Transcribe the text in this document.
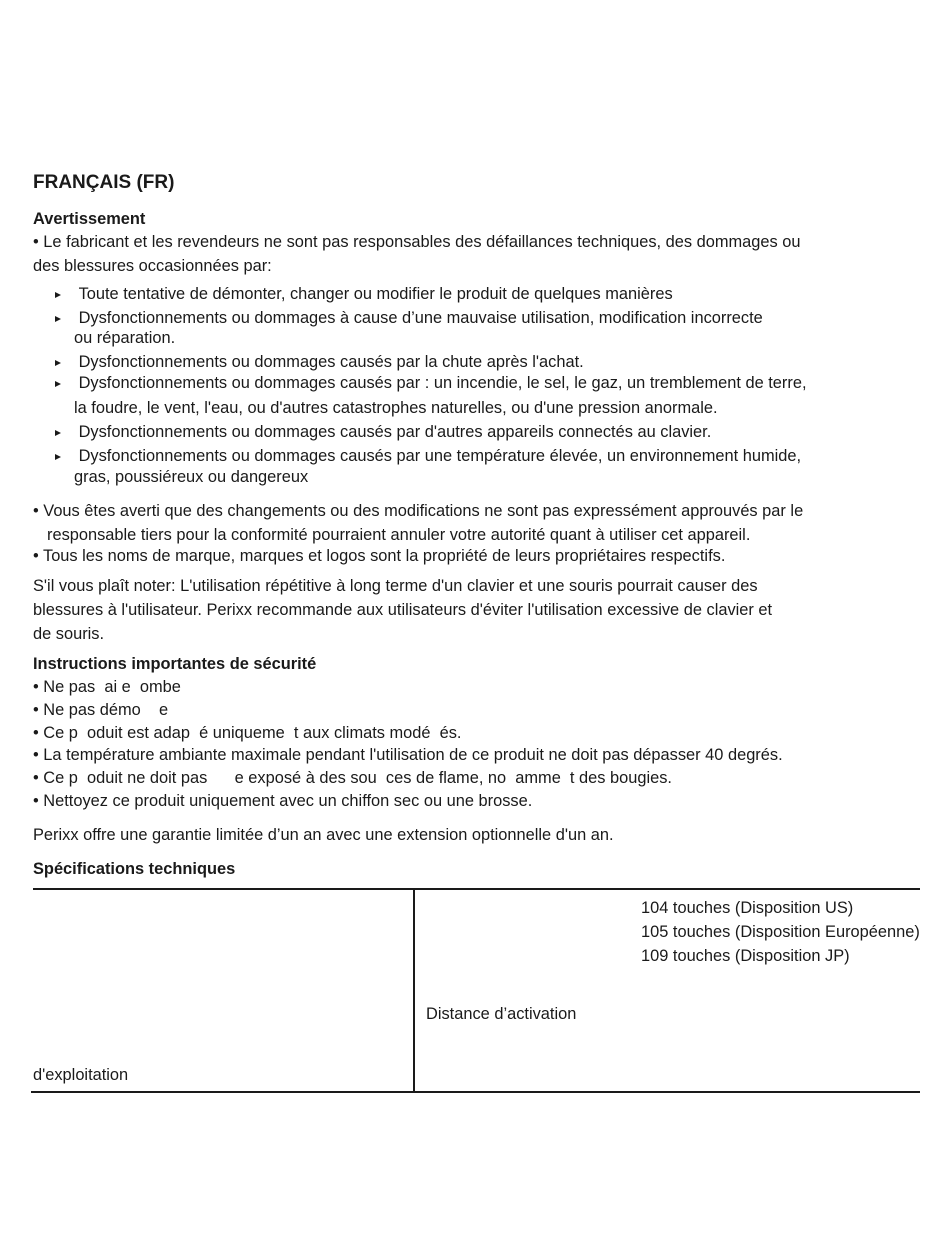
FRANÇAIS (FR)
Avertissement
• Le fabricant et les revendeurs ne sont pas responsables des défaillances techniques, des dommages ou
des blessures occasionnées par:
Toute tentative de démonter, changer ou modifier le produit de quelques manières
Dysfonctionnements ou dommages à cause d’une mauvaise utilisation, modification incorrecte
ou réparation.
Dysfonctionnements ou dommages causés par la chute après l'achat.
Dysfonctionnements ou dommages causés par : un incendie, le sel, le gaz, un tremblement de terre,
la foudre, le vent, l'eau, ou d'autres catastrophes naturelles, ou d'une pression anormale.
Dysfonctionnements ou dommages causés par d'autres appareils connectés au clavier.
Dysfonctionnements ou dommages causés par une température élevée, un environnement humide,
gras, poussiéreux ou dangereux
• Vous êtes averti que des changements ou des modifications ne sont pas expressément approuvés par le
responsable tiers pour la conformité pourraient annuler votre autorité quant à utiliser cet appareil.
• Tous les noms de marque, marques et logos sont la propriété de leurs propriétaires respectifs.
S'il vous plaît noter: L'utilisation répétitive à long terme d'un clavier et une souris pourrait causer des
blessures à l'utilisateur. Perixx recommande aux utilisateurs d'éviter l'utilisation excessive de clavier et
de souris.
Instructions importantes de sécurité
• Ne pas  ai e  ombe
• Ne pas démo    e
• Ce p  oduit est adap  é uniqueme  t aux climats modé  és.
• La température ambiante maximale pendant l'utilisation de ce produit ne doit pas dépasser 40 degrés.
• Ce p  oduit ne doit pas      e exposé à des sou  ces de flame, no  amme  t des bougies.
• Nettoyez ce produit uniquement avec un chiffon sec ou une brosse.
Perixx offre une garantie limitée d’un an avec une extension optionnelle d'un an.
Spécifications techniques
104 touches (Disposition US)
105 touches (Disposition Européenne)
109 touches (Disposition JP)
Distance d’activation
d'exploitation
